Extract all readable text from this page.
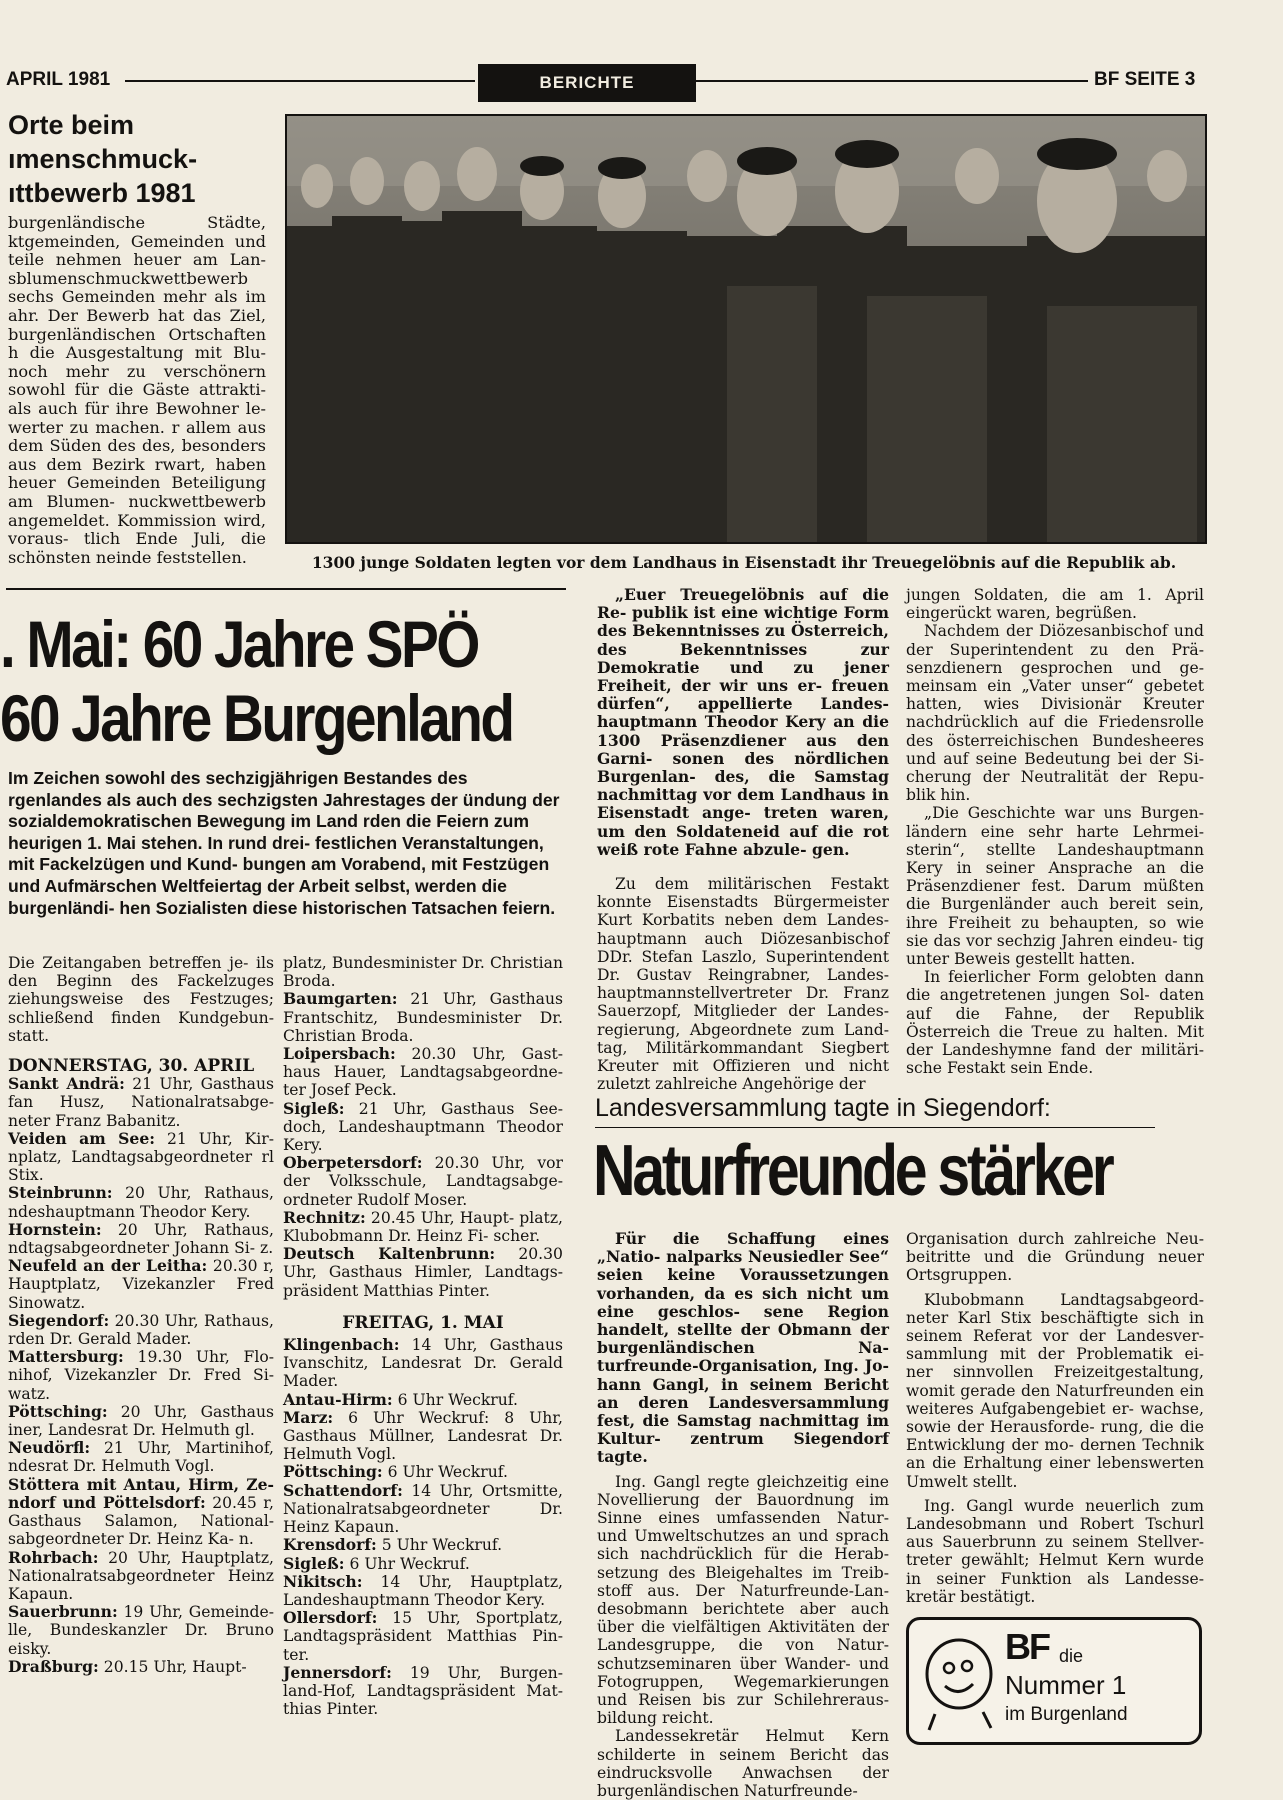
APRIL 1981	BERICHTE	BF SEITE 3
Orte beim
ımenschmuck-
ıttbewerb 1981
burgenländische Städte, ktgemeinden, Gemeinden und teile nehmen heuer am Lan- sblumenschmuckwettbewerb sechs Gemeinden mehr als im ahr. Der Bewerb hat das Ziel, burgenländischen Ortschaften h die Ausgestaltung mit Blu- noch mehr zu verschönern sowohl für die Gäste attrakti- als auch für ihre Bewohner le- werter zu machen. r allem aus dem Süden des des, besonders aus dem Bezirk rwart, haben heuer Gemeinden Beteiligung am Blumen- nuckwettbewerb angemeldet. Kommission wird, voraus- tlich Ende Juli, die schönsten neinde feststellen.	1300 junge Soldaten legten vor dem Landhaus in Eisenstadt ihr Treuegelöbnis auf die Republik ab.
. Mai: 60 Jahre SPÖ
60 Jahre Burgenland
Im Zeichen sowohl des sechzigjährigen Bestandes des rgenlandes als auch des sechzigsten Jahrestages der ündung der sozialdemokratischen Bewegung im Land rden die Feiern zum heurigen 1. Mai stehen. In rund drei- festlichen Veranstaltungen, mit Fackelzügen und Kund- bungen am Vorabend, mit Festzügen und Aufmärschen Weltfeiertag der Arbeit selbst, werden die burgenländi- hen Sozialisten diese historischen Tatsachen feiern.

Die Zeitangaben betreffen je- ils den Beginn des Fackelzuges ziehungsweise des Festzuges; schließend finden Kundgebun- statt.

DONNERSTAG, 30. APRIL

Sankt Andrä: 21 Uhr, Gasthaus fan Husz, Nationalratsabge- neter Franz Babanitz.

Veiden am See: 21 Uhr, Kir- nplatz, Landtagsabgeordneter rl Stix.

Steinbrunn: 20 Uhr, Rathaus, ndeshauptmann Theodor Kery.

Hornstein: 20 Uhr, Rathaus, ndtagsabgeordneter Johann Si- z.

Neufeld an der Leitha: 20.30 r, Hauptplatz, Vizekanzler Fred Sinowatz.

Siegendorf: 20.30 Uhr, Rathaus, rden Dr. Gerald Mader.

Mattersburg: 19.30 Uhr, Flo- nihof, Vizekanzler Dr. Fred Si- watz.

Pöttsching: 20 Uhr, Gasthaus iner, Landesrat Dr. Helmuth gl.

Neudörfl: 21 Uhr, Martinihof, ndesrat Dr. Helmuth Vogl.

Stöttera mit Antau, Hirm, Ze- ndorf und Pöttelsdorf: 20.45 r, Gasthaus Salamon, National- sabgeordneter Dr. Heinz Ka- n.

Rohrbach: 20 Uhr, Hauptplatz, Nationalratsabgeordneter Heinz Kapaun.

Sauerbrunn: 19 Uhr, Gemeinde- lle, Bundeskanzler Dr. Bruno eisky.

Draßburg: 20.15 Uhr, Haupt-

platz, Bundesminister Dr. Christian Broda.

Baumgarten: 21 Uhr, Gasthaus Frantschitz, Bundesminister Dr. Christian Broda.

Loipersbach: 20.30 Uhr, Gast- haus Hauer, Landtagsabgeordne- ter Josef Peck.

Sigleß: 21 Uhr, Gasthaus See- doch, Landeshauptmann Theodor Kery.

Oberpetersdorf: 20.30 Uhr, vor der Volksschule, Landtagsabge- ordneter Rudolf Moser.

Rechnitz: 20.45 Uhr, Haupt- platz, Klubobmann Dr. Heinz Fi- scher.

Deutsch Kaltenbrunn: 20.30 Uhr, Gasthaus Himler, Landtags- präsident Matthias Pinter.

FREITAG, 1. MAI

Klingenbach: 14 Uhr, Gasthaus Ivanschitz, Landesrat Dr. Gerald Mader.

Antau-Hirm: 6 Uhr Weckruf.

Marz: 6 Uhr Weckruf: 8 Uhr, Gasthaus Müllner, Landesrat Dr. Helmuth Vogl.

Pöttsching: 6 Uhr Weckruf.

Schattendorf: 14 Uhr, Ortsmitte, Nationalratsabgeordneter Dr. Heinz Kapaun.

Krensdorf: 5 Uhr Weckruf.

Sigleß: 6 Uhr Weckruf.

Nikitsch: 14 Uhr, Hauptplatz, Landeshauptmann Theodor Kery.

Ollersdorf: 15 Uhr, Sportplatz, Landtagspräsident Matthias Pin- ter.

Jennersdorf: 19 Uhr, Burgen- land-Hof, Landtagspräsident Mat- thias Pinter.

„Euer Treuegelöbnis auf die Re- publik ist eine wichtige Form des Bekenntnisses zu Österreich, des Bekenntnisses zur Demokratie und zu jener Freiheit, der wir uns er- freuen dürfen“, appellierte Landes- hauptmann Theodor Kery an die 1300 Präsenzdiener aus den Garni- sonen des nördlichen Burgenlan- des, die Samstag nachmittag vor dem Landhaus in Eisenstadt ange- treten waren, um den Soldateneid auf die rot weiß rote Fahne abzule- gen.

Zu dem militärischen Festakt konnte Eisenstadts Bürgermeister Kurt Korbatits neben dem Landes- hauptmann auch Diözesanbischof DDr. Stefan Laszlo, Superintendent Dr. Gustav Reingrabner, Landes- hauptmannstellvertreter Dr. Franz Sauerzopf, Mitglieder der Landes- regierung, Abgeordnete zum Land- tag, Militärkommandant Siegbert Kreuter mit Offizieren und nicht zuletzt zahlreiche Angehörige der

jungen Soldaten, die am 1. April eingerückt waren, begrüßen.

Nachdem der Diözesanbischof und der Superintendent zu den Prä- senzdienern gesprochen und ge- meinsam ein „Vater unser“ gebetet hatten, wies Divisionär Kreuter nachdrücklich auf die Friedensrolle des österreichischen Bundesheeres und auf seine Bedeutung bei der Si- cherung der Neutralität der Repu- blik hin.

„Die Geschichte war uns Burgen- ländern eine sehr harte Lehrmei- sterin“, stellte Landeshauptmann Kery in seiner Ansprache an die Präsenzdiener fest. Darum müßten die Burgenländer auch bereit sein, ihre Freiheit zu behaupten, so wie sie das vor sechzig Jahren eindeu- tig unter Beweis gestellt hatten.

In feierlicher Form gelobten dann die angetretenen jungen Sol- daten auf die Fahne, der Republik Österreich die Treue zu halten. Mit der Landeshymne fand der militäri- sche Festakt sein Ende.

Landesversammlung tagte in Siegendorf:
Naturfreunde stärker

Für die Schaffung eines „Natio- nalparks Neusiedler See“ seien keine Voraussetzungen vorhanden, da es sich nicht um eine geschlos- sene Region handelt, stellte der Obmann der burgenländischen Na- turfreunde-Organisation, Ing. Jo- hann Gangl, in seinem Bericht an deren Landesversammlung fest, die Samstag nachmittag im Kultur- zentrum Siegendorf tagte.

Ing. Gangl regte gleichzeitig eine Novellierung der Bauordnung im Sinne eines umfassenden Natur- und Umweltschutzes an und sprach sich nachdrücklich für die Herab- setzung des Bleigehaltes im Treib- stoff aus. Der Naturfreunde-Lan- desobmann berichtete aber auch über die vielfältigen Aktivitäten der Landesgruppe, die von Natur- schutzseminaren über Wander- und Fotogruppen, Wegemarkierungen und Reisen bis zur Schilehreraus- bildung reicht.

Landessekretär Helmut Kern schilderte in seinem Bericht das eindrucksvolle Anwachsen der burgenländischen Naturfreunde-

Organisation durch zahlreiche Neu- beitritte und die Gründung neuer Ortsgruppen.

Klubobmann Landtagsabgeord- neter Karl Stix beschäftigte sich in seinem Referat vor der Landesver- sammlung mit der Problematik ei- ner sinnvollen Freizeitgestaltung, womit gerade den Naturfreunden ein weiteres Aufgabengebiet er- wachse, sowie der Herausforde- rung, die die Entwicklung der mo- dernen Technik an die Erhaltung einer lebenswerten Umwelt stellt.

Ing. Gangl wurde neuerlich zum Landesobmann und Robert Tschurl aus Sauerbrunn zu seinem Stellver- treter gewählt; Helmut Kern wurde in seiner Funktion als Landesse- kretär bestätigt.

BF die
Nummer 1
im Burgenland
